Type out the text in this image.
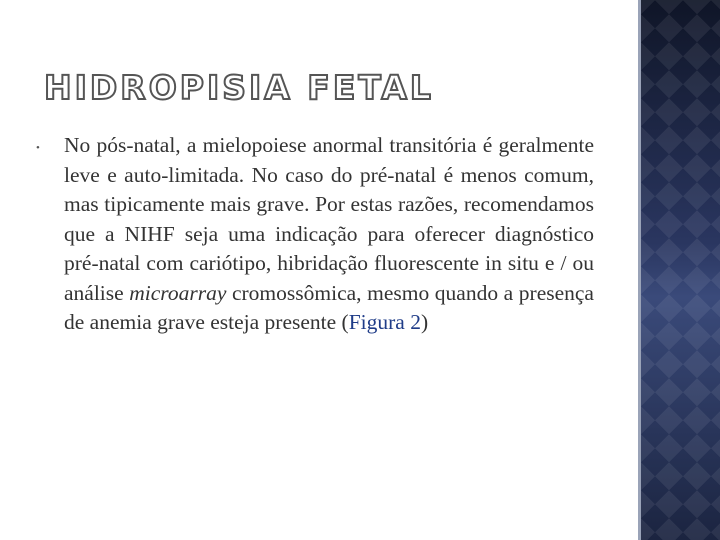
HIDROPISIA FETAL
• No pós-natal, a mielopoiese anormal transitória é geralmente leve e auto-limitada. No caso do pré-natal é menos comum, mas tipicamente mais grave. Por estas razões, recomendamos que a NIHF seja uma indicação para oferecer diagnóstico pré-natal com cariótipo, hibridação fluorescente in situ e / ou análise microarray cromossômica, mesmo quando a presença de anemia grave esteja presente (Figura 2)
